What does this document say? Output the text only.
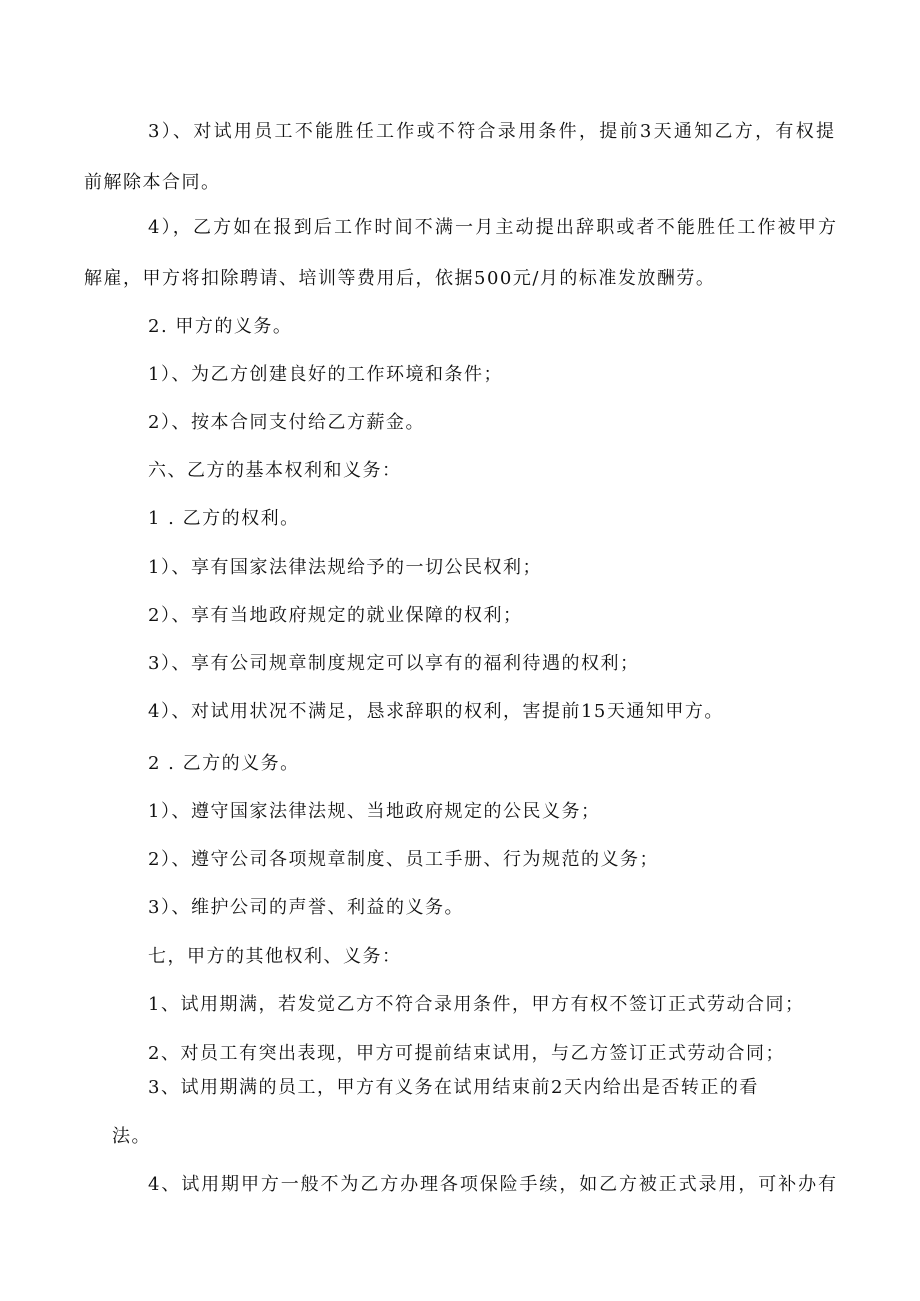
3）、对试用员工不能胜任工作或不符合录用条件，提前3天通知乙方，有权提
前解除本合同。
4），乙方如在报到后工作时间不满一月主动提出辞职或者不能胜任工作被甲方
解雇，甲方将扣除聘请、培训等费用后，依据500元/月的标准发放酬劳。
2. 甲方的义务。
1）、为乙方创建良好的工作环境和条件；
2）、按本合同支付给乙方薪金。
六、乙方的基本权利和义务：
1 . 乙方的权利。
1）、享有国家法律法规给予的一切公民权利；
2）、享有当地政府规定的就业保障的权利；
3）、享有公司规章制度规定可以享有的福利待遇的权利；
4）、对试用状况不满足，恳求辞职的权利，害提前15天通知甲方。
2 . 乙方的义务。
1）、遵守国家法律法规、当地政府规定的公民义务；
2）、遵守公司各项规章制度、员工手册、行为规范的义务；
3）、维护公司的声誉、利益的义务。
七，甲方的其他权利、义务：
1、试用期满，若发觉乙方不符合录用条件，甲方有权不签订正式劳动合同；
2、对员工有突出表现，甲方可提前结束试用，与乙方签订正式劳动合同；
3、试用期满的员工，甲方有义务在试用结束前2天内给出是否转正的看
法。
4、试用期甲方一般不为乙方办理各项保险手续，如乙方被正式录用，可补办有
